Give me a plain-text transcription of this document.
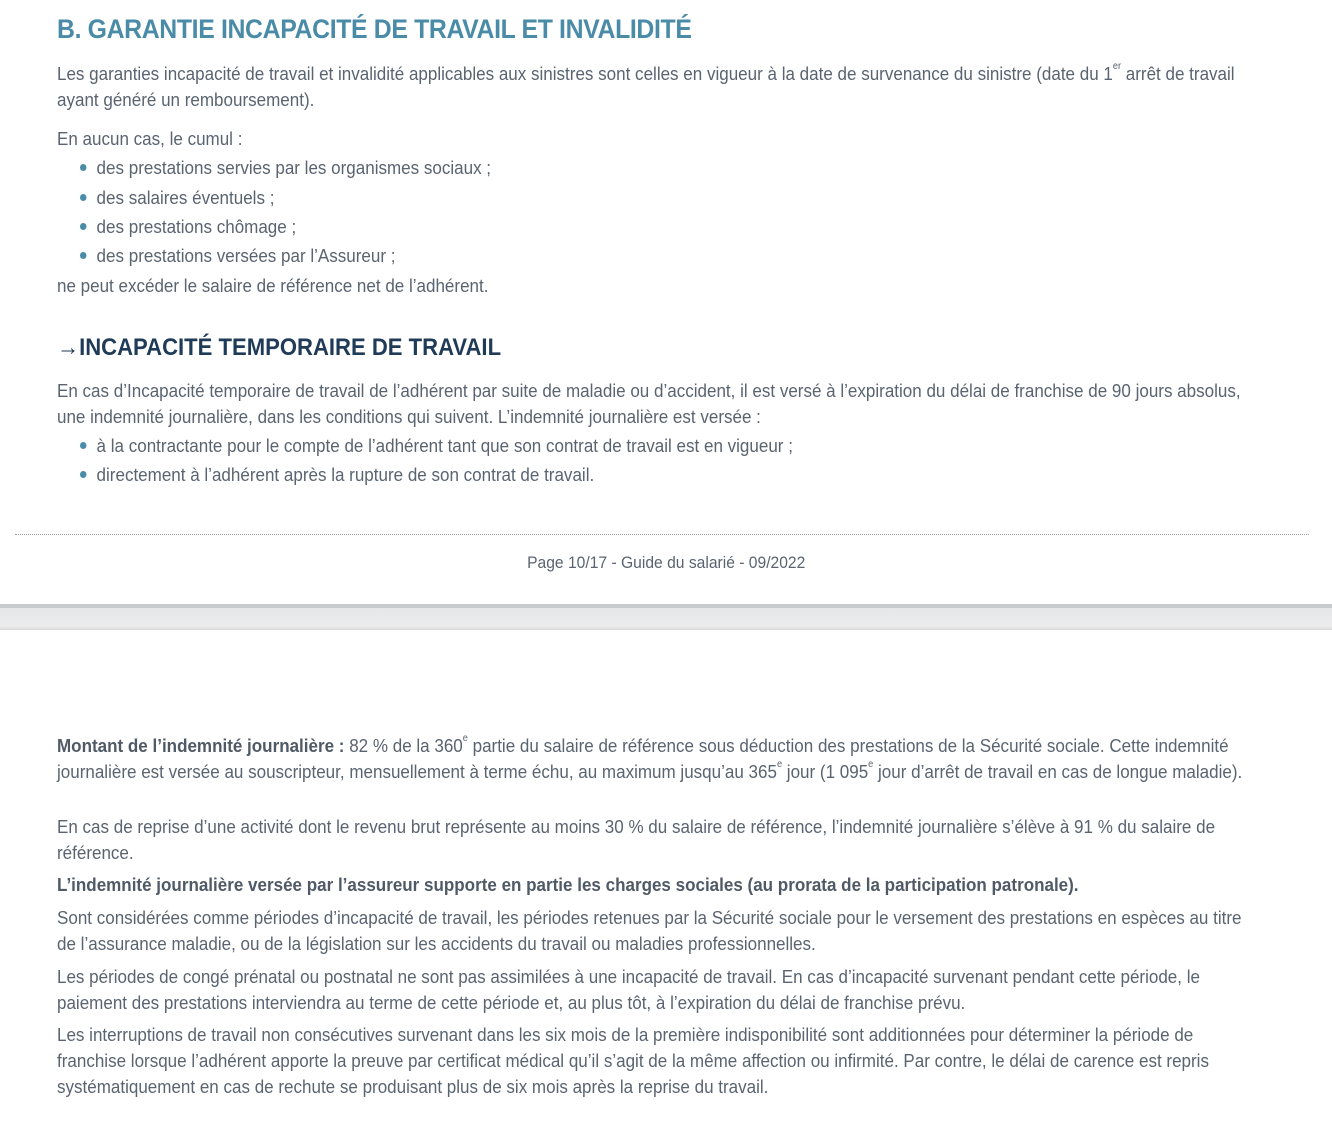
B. GARANTIE INCAPACITÉ DE TRAVAIL ET INVALIDITÉ
Les garanties incapacité de travail et invalidité applicables aux sinistres sont celles en vigueur à la date de survenance du sinistre (date du 1er arrêt de travail ayant généré un remboursement).
En aucun cas, le cumul :
des prestations servies par les organismes sociaux ;
des salaires éventuels ;
des prestations chômage ;
des prestations versées par l’Assureur ;
ne peut excéder le salaire de référence net de l’adhérent.
→INCAPACITÉ TEMPORAIRE DE TRAVAIL
En cas d’Incapacité temporaire de travail de l’adhérent par suite de maladie ou d’accident, il est versé à l’expiration du délai de franchise de 90 jours absolus, une indemnité journalière, dans les conditions qui suivent. L’indemnité journalière est versée :
à la contractante pour le compte de l’adhérent tant que son contrat de travail est en vigueur ;
directement à l’adhérent après la rupture de son contrat de travail.
Page 10/17 - Guide du salarié - 09/2022
Montant de l’indemnité journalière : 82 % de la 360e partie du salaire de référence sous déduction des prestations de la Sécurité sociale. Cette indemnité journalière est versée au souscripteur, mensuellement à terme échu, au maximum jusqu’au 365e jour (1 095e jour d’arrêt de travail en cas de longue maladie).
En cas de reprise d’une activité dont le revenu brut représente au moins 30 % du salaire de référence, l’indemnité journalière s’élève à 91 % du salaire de référence.
L’indemnité journalière versée par l’assureur supporte en partie les charges sociales (au prorata de la participation patronale).
Sont considérées comme périodes d’incapacité de travail, les périodes retenues par la Sécurité sociale pour le versement des prestations en espèces au titre de l’assurance maladie, ou de la législation sur les accidents du travail ou maladies professionnelles.
Les périodes de congé prénatal ou postnatal ne sont pas assimilées à une incapacité de travail. En cas d’incapacité survenant pendant cette période, le paiement des prestations interviendra au terme de cette période et, au plus tôt, à l’expiration du délai de franchise prévu.
Les interruptions de travail non consécutives survenant dans les six mois de la première indisponibilité sont additionnées pour déterminer la période de franchise lorsque l’adhérent apporte la preuve par certificat médical qu’il s’agit de la même affection ou infirmité. Par contre, le délai de carence est repris systématiquement en cas de rechute se produisant plus de six mois après la reprise du travail.
